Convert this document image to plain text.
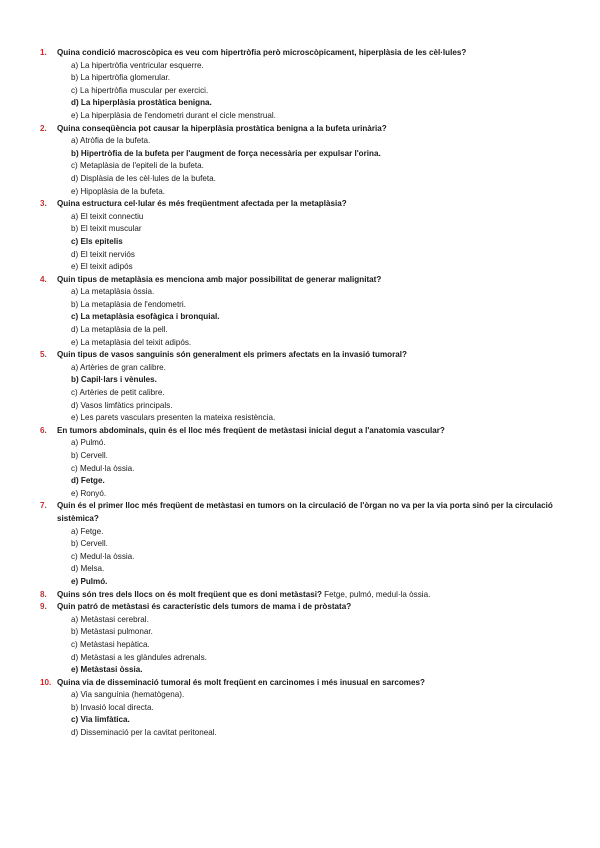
1.	Quina condició macroscòpica es veu com hipertròfia però microscòpicament, hiperplàsia de les cèl·lules?
a) La hipertròfia ventricular esquerre.
b) La hipertròfia glomerular.
c) La hipertròfia muscular per exercici.
d) La hiperplàsia prostàtica benigna.
e) La hiperplàsia de l'endometri durant el cicle menstrual.
2.	Quina conseqüència pot causar la hiperplàsia prostàtica benigna a la bufeta urinària?
a) Atròfia de la bufeta.
b) Hipertròfia de la bufeta per l'augment de força necessària per expulsar l'orina.
c) Metaplàsia de l'epiteli de la bufeta.
d) Displàsia de les cèl·lules de la bufeta.
e) Hipoplàsia de la bufeta.
3.	Quina estructura cel·lular és més freqüentment afectada per la metaplàsia?
a) El teixit connectiu
b) El teixit muscular
c) Els epitelis
d) El teixit nerviós
e) El teixit adipós
4.	Quin tipus de metaplàsia es menciona amb major possibilitat de generar malignitat?
a) La metaplàsia òssia.
b) La metaplàsia de l'endometri.
c) La metaplàsia esofàgica i bronquial.
d) La metaplàsia de la pell.
e) La metaplàsia del teixit adipós.
5.	Quin tipus de vasos sanguinis són generalment els primers afectats en la invasió tumoral?
a) Artèries de gran calibre.
b) Capil·lars i vènules.
c) Artèries de petit calibre.
d) Vasos limfàtics principals.
e) Les parets vasculars presenten la mateixa resistència.
6.	En tumors abdominals, quin és el lloc més freqüent de metàstasi inicial degut a l'anatomia vascular?
a) Pulmó.
b) Cervell.
c) Medul·la òssia.
d) Fetge.
e) Ronyó.
7.	Quin és el primer lloc més freqüent de metàstasi en tumors on la circulació de l'òrgan no va per la via porta sinó per la circulació sistèmica?
a) Fetge.
b) Cervell.
c) Medul·la òssia.
d) Melsa.
e) Pulmó.
8.	Quins són tres dels llocs on és molt freqüent que es doni metàstasi? Fetge, pulmó, medul·la òssia.
9.	Quin patró de metàstasi és característic dels tumors de mama i de pròstata?
a) Metàstasi cerebral.
b) Metàstasi pulmonar.
c) Metàstasi hepàtica.
d) Metàstasi a les glàndules adrenals.
e) Metàstasi òssia.
10. Quina via de disseminació tumoral és molt freqüent en carcinomes i més inusual en sarcomes?
a) Via sanguínia (hematògena).
b) Invasió local directa.
c) Via limfàtica.
d) Disseminació per la cavitat peritoneal.
